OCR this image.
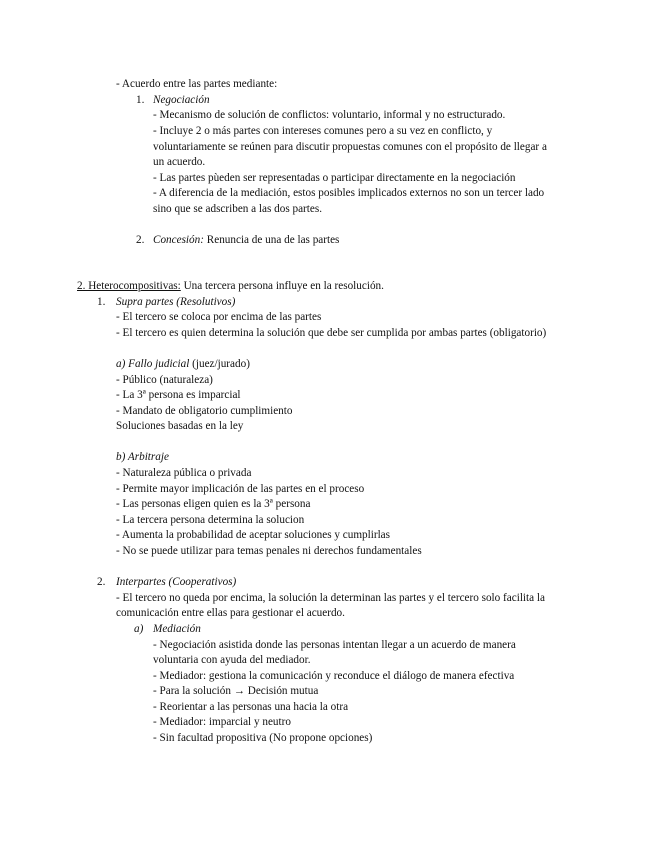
- Acuerdo entre las partes mediante:
1. Negociación
- Mecanismo de solución de conflictos: voluntario, informal y no estructurado.
- Incluye 2 o más partes con intereses comunes pero a su vez en conflicto, y
voluntariamente se reúnen para discutir propuestas comunes con el propósito de llegar a
un acuerdo.
- Las partes pùeden ser representadas o participar directamente en la negociación
- A diferencia de la mediación, estos posibles implicados externos no son un tercer lado
sino que se adscriben a las dos partes.
2. Concesión: Renuncia de una de las partes
2. Heterocompositivas: Una tercera persona influye en la resolución.
1. Supra partes (Resolutivos)
- El tercero se coloca por encima de las partes
- El tercero es quien determina la solución que debe ser cumplida por ambas partes (obligatorio)
a) Fallo judicial (juez/jurado)
- Público (naturaleza)
- La 3ª persona es imparcial
- Mandato de obligatorio cumplimiento
Soluciones basadas en la ley
b) Arbitraje
- Naturaleza pública o privada
- Permite mayor implicación de las partes en el proceso
- Las personas eligen quien es la 3ª persona
- La tercera persona determina la solucion
- Aumenta la probabilidad de aceptar soluciones y cumplirlas
- No se puede utilizar para temas penales ni derechos fundamentales
2. Interpartes (Cooperativos)
- El tercero no queda por encima, la solución la determinan las partes y el tercero solo facilita la
comunicación entre ellas para gestionar el acuerdo.
a) Mediación
- Negociación asistida donde las personas intentan llegar a un acuerdo de manera
voluntaria con ayuda del mediador.
- Mediador: gestiona la comunicación y reconduce el diálogo de manera efectiva
- Para la solución → Decisión mutua
- Reorientar a las personas una hacia la otra
- Mediador: imparcial y neutro
- Sin facultad propositiva (No propone opciones)
